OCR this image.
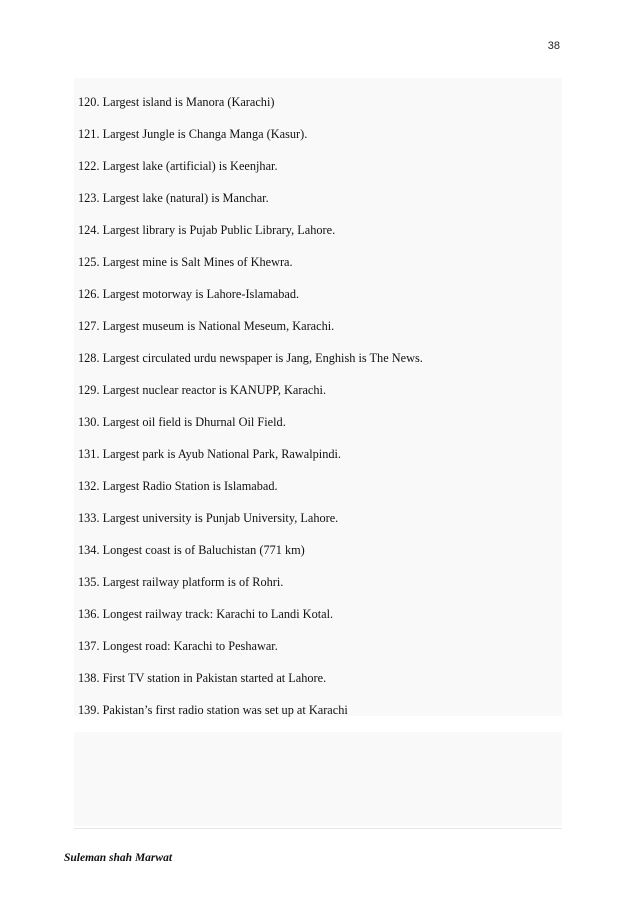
38
120. Largest island is Manora (Karachi)
121. Largest Jungle is Changa Manga (Kasur).
122. Largest lake (artificial) is Keenjhar.
123. Largest lake (natural) is Manchar.
124. Largest library is Pujab Public Library, Lahore.
125. Largest mine is Salt Mines of Khewra.
126. Largest motorway is Lahore-Islamabad.
127. Largest museum is National Meseum, Karachi.
128. Largest circulated urdu newspaper is Jang, Enghish is The News.
129. Largest nuclear reactor is KANUPP, Karachi.
130. Largest oil field is Dhurnal Oil Field.
131. Largest park is Ayub National Park, Rawalpindi.
132. Largest Radio Station is Islamabad.
133. Largest university is Punjab University, Lahore.
134. Longest coast is of Baluchistan (771 km)
135. Largest railway platform is of Rohri.
136. Longest railway track: Karachi to Landi Kotal.
137. Longest road: Karachi to Peshawar.
138. First TV station in Pakistan started at Lahore.
139. Pakistan’s first radio station was set up at Karachi
Suleman shah Marwat
